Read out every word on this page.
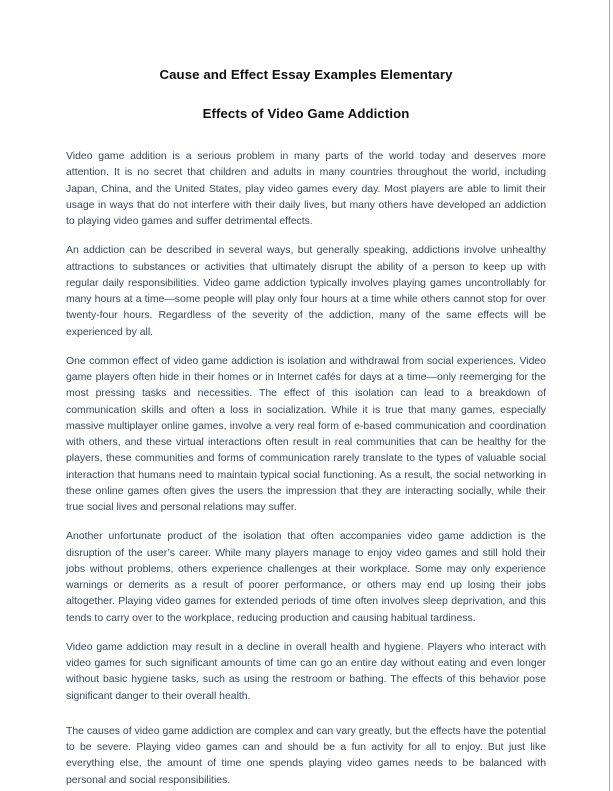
Cause and Effect Essay Examples Elementary
Effects of Video Game Addiction

Video game addition is a serious problem in many parts of the world today and deserves more attention. It is no secret that children and adults in many countries throughout the world, including Japan, China, and the United States, play video games every day. Most players are able to limit their usage in ways that do not interfere with their daily lives, but many others have developed an addiction to playing video games and suffer detrimental effects.

An addiction can be described in several ways, but generally speaking, addictions involve unhealthy attractions to substances or activities that ultimately disrupt the ability of a person to keep up with regular daily responsibilities. Video game addiction typically involves playing games uncontrollably for many hours at a time—some people will play only four hours at a time while others cannot stop for over twenty-four hours. Regardless of the severity of the addiction, many of the same effects will be experienced by all.

One common effect of video game addiction is isolation and withdrawal from social experiences. Video game players often hide in their homes or in Internet cafés for days at a time—only reemerging for the most pressing tasks and necessities. The effect of this isolation can lead to a breakdown of communication skills and often a loss in socialization. While it is true that many games, especially massive multiplayer online games, involve a very real form of e-based communication and coordination with others, and these virtual interactions often result in real communities that can be healthy for the players, these communities and forms of communication rarely translate to the types of valuable social interaction that humans need to maintain typical social functioning. As a result, the social networking in these online games often gives the users the impression that they are interacting socially, while their true social lives and personal relations may suffer.

Another unfortunate product of the isolation that often accompanies video game addiction is the disruption of the user’s career. While many players manage to enjoy video games and still hold their jobs without problems, others experience challenges at their workplace. Some may only experience warnings or demerits as a result of poorer performance, or others may end up losing their jobs altogether. Playing video games for extended periods of time often involves sleep deprivation, and this tends to carry over to the workplace, reducing production and causing habitual tardiness.

Video game addiction may result in a decline in overall health and hygiene. Players who interact with video games for such significant amounts of time can go an entire day without eating and even longer without basic hygiene tasks, such as using the restroom or bathing. The effects of this behavior pose significant danger to their overall health.

The causes of video game addiction are complex and can vary greatly, but the effects have the potential to be severe. Playing video games can and should be a fun activity for all to enjoy. But just like everything else, the amount of time one spends playing video games needs to be balanced with personal and social responsibilities.
